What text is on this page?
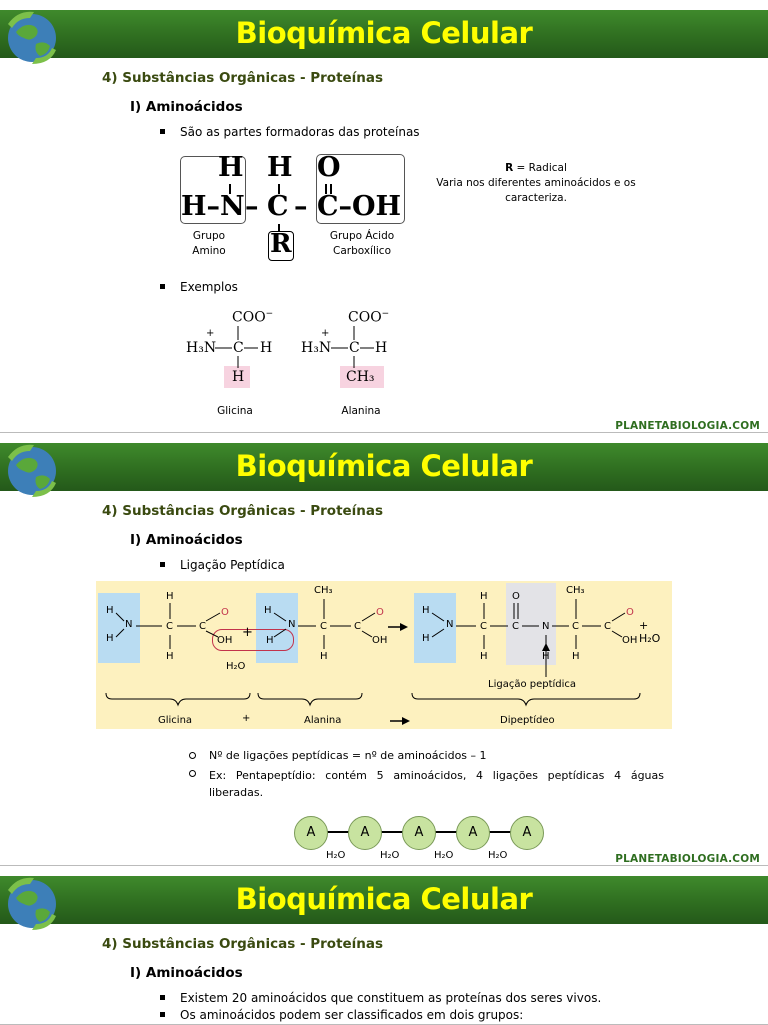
Bioquímica Celular
4) Substâncias Orgânicas - Proteínas
I) Aminoácidos
São as partes formadoras das proteínas
H H O
H–N – C – C–OH
R
Grupo
Amino
Grupo Ácido
Carboxílico
R = Radical
Varia nos diferentes aminoácidos e os caracteriza.
Exemplos
COO−
+
H₃N C H
H
Glicina
COO−
+
H₃N C H
CH₃
Alanina
PLANETABIOLOGIA.COM
Bioquímica Celular
4) Substâncias Orgânicas - Proteínas
I) Aminoácidos
Ligação Peptídica
H
N
H
H
C
H
C
O
OH
+
H
H₂O
H
N
CH₃
C
H
C
O
OH
H
N
H
H
C
H
O
C N
H
CH₃
C
H
C
O
OH
+ H₂O
Ligação peptídica
Glicina	+	Alanina	Dipeptídeo
Nº de ligações peptídicas = nº de aminoácidos – 1
Ex: Pentapeptídio: contém 5 aminoácidos, 4 ligações peptídicas 4 águas liberadas.
A	A	A	A	A
H₂O	H₂O	H₂O	H₂O	PLANETABIOLOGIA.COM
Bioquímica Celular
4) Substâncias Orgânicas - Proteínas
I) Aminoácidos
Existem 20 aminoácidos que constituem as proteínas dos seres vivos.
Os aminoácidos podem ser classificados em dois grupos:
